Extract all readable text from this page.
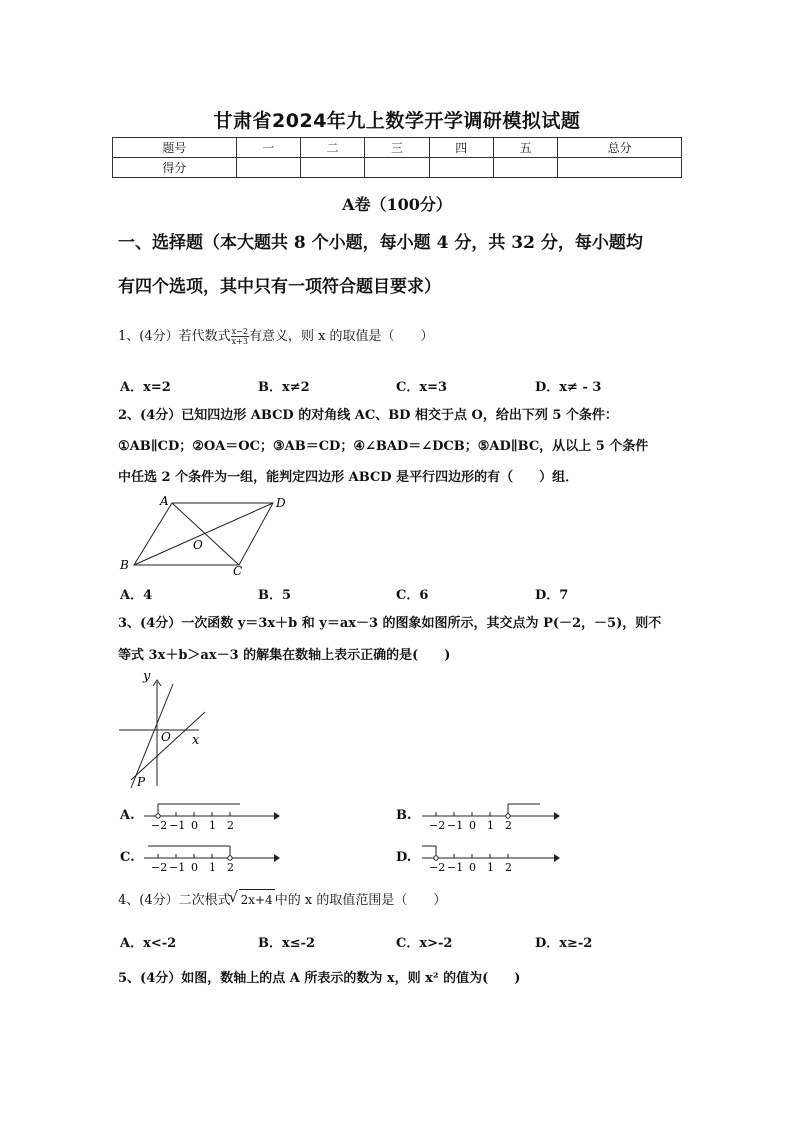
甘肃省2024年九上数学开学调研模拟试题
题号	一	二	三	四	五	总分
得分						
A卷（100分）
一、选择题（本大题共 8 个小题，每小题 4 分，共 32 分，每小题均
有四个选项，其中只有一项符合题目要求）
1、(4分）若代数式 $\frac{x-2}{x+3}$ 有意义，则 x 的取值是（　　）
A．x=2	B．x≠2	C．x=3	D．x≠ - 3
2、(4分）已知四边形 ABCD 的对角线 AC、BD 相交于点 O，给出下列 5 个条件：
①AB∥CD；②OA＝OC；③AB＝CD；④∠BAD＝∠DCB；⑤AD∥BC，从以上 5 个条件
中任选 2 个条件为一组，能判定四边形 ABCD 是平行四边形的有（　　）组．
A	D
B	C
O
A．4	B．5	C．6	D．7
3、(4分）一次函数 y＝3x＋b 和 y＝ax－3 的图象如图所示，其交点为 P(－2，－5)，则不
等式 3x＋b＞ax－3 的解集在数轴上表示正确的是(　　)
y
x
O
P
A.
−2 −1 0 1 2
B.
−2 −1 0 1 2
C.
−2 −1 0 1 2
D.
−2 −1 0 1 2
4、(4分）二次根式 √ 2x+4 中的 x 的取值范围是（　　）
A．x<-2	B．x≤-2	C．x>-2	D．x≥-2
5、(4分）如图，数轴上的点 A 所表示的数为 x，则 x² 的值为(　　)
